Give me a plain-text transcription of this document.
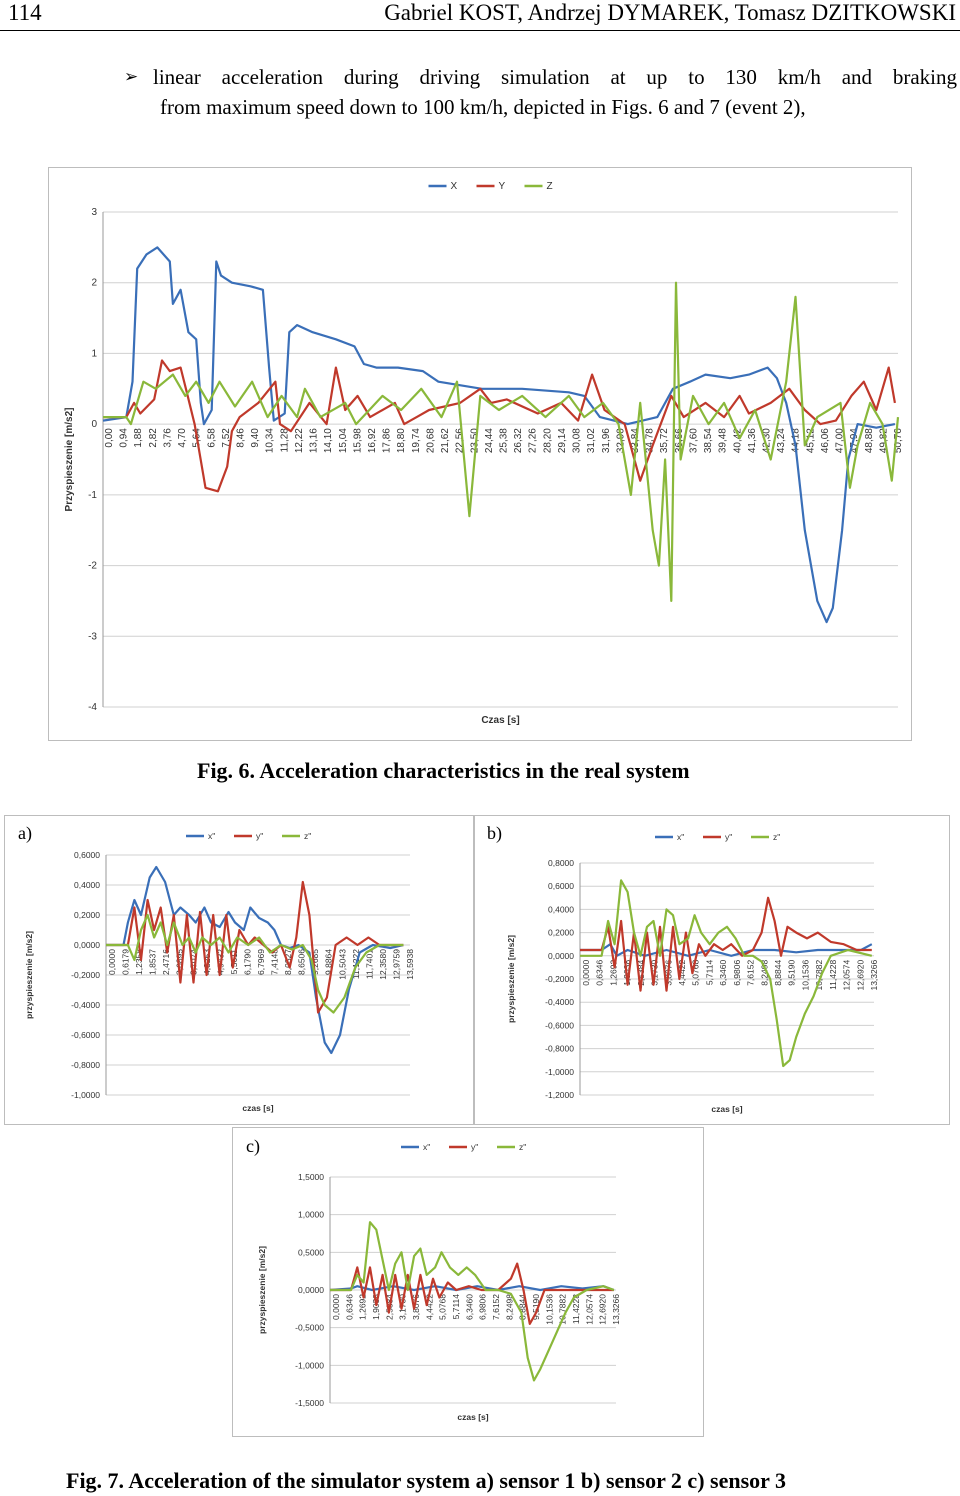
114	Gabriel KOST, Andrzej DYMAREK, Tomasz DZITKOWSKI
➢ linear acceleration during driving simulation at up to 130 km/h and braking
from maximum speed down to 100 km/h, depicted in Figs. 6 and 7 (event 2),
3
2
1
0
-1
-2
-3
-4
0,00 0,94 1,88 2,82 3,76 4,70 5,64 6,58 7,52 8,46 9,40 10,34 11,28 12,22 13,16 14,10 15,04 15,98 16,92 17,86 18,80 19,74 20,68 21,62 22,56 23,50 24,44 25,38 26,32 27,26 28,20 29,14 30,08 31,02 31,96 32,90 33,84 34,78 35,72 36,66 37,60 38,54 39,48 40,42 41,36 42,30 43,24 44,18 45,12 46,06 47,00 47,94 48,88 49,82 50,76
X	Y	Z
Czas [s]
Przyspieszenie [m/s2]
Fig. 6. Acceleration characteristics in the real system
0,6000
0,4000
0,2000
0,0000
-0,2000
-0,4000
-0,6000
-0,8000
-1,0000
0,0000 0,6179 1,2358 1,8537 2,4716 3,0895 3,7074 4,3253 4,9432 5,5611 6,1790 6,7969 7,4148 8,0327 8,6506 9,2685 9,8864 10,5043 11,1222 11,7401 12,3580 12,9759 13,5938
x"	y"	z"
czas [s]
przyspieszenie [m/s2]
a)
0,8000
0,6000
0,4000
0,2000
0,0000
-0,2000
-0,4000
-0,6000
-0,8000
-1,0000
-1,2000
0,0000 0,6346 1,2692 1,9038 2,5384 3,1730 3,8076 4,4422 5,0768 5,7114 6,3460 6,9806 7,6152 8,2498 8,8844 9,5190 10,1536 10,7882 11,4228 12,0574 12,6920 13,3266
x"	y"	z"
czas [s]
przyspieszenie [m/s2]
b)
1,5000
1,0000
0,5000
0,0000
-0,5000
-1,0000
-1,5000
0,0000 0,6346 1,2692 1,9038 2,5384 3,1730 3,8076 4,4422 5,0768 5,7114 6,3460 6,9806 7,6152 8,2498 8,8844 9,5190 10,1536 10,7882 11,4228 12,0574 12,6920 13,3266
x"	y"	z"
czas [s]
przyspieszenie [m/s2]
c)
Fig. 7. Acceleration of the simulator system a) sensor 1 b) sensor 2 c) sensor 3
